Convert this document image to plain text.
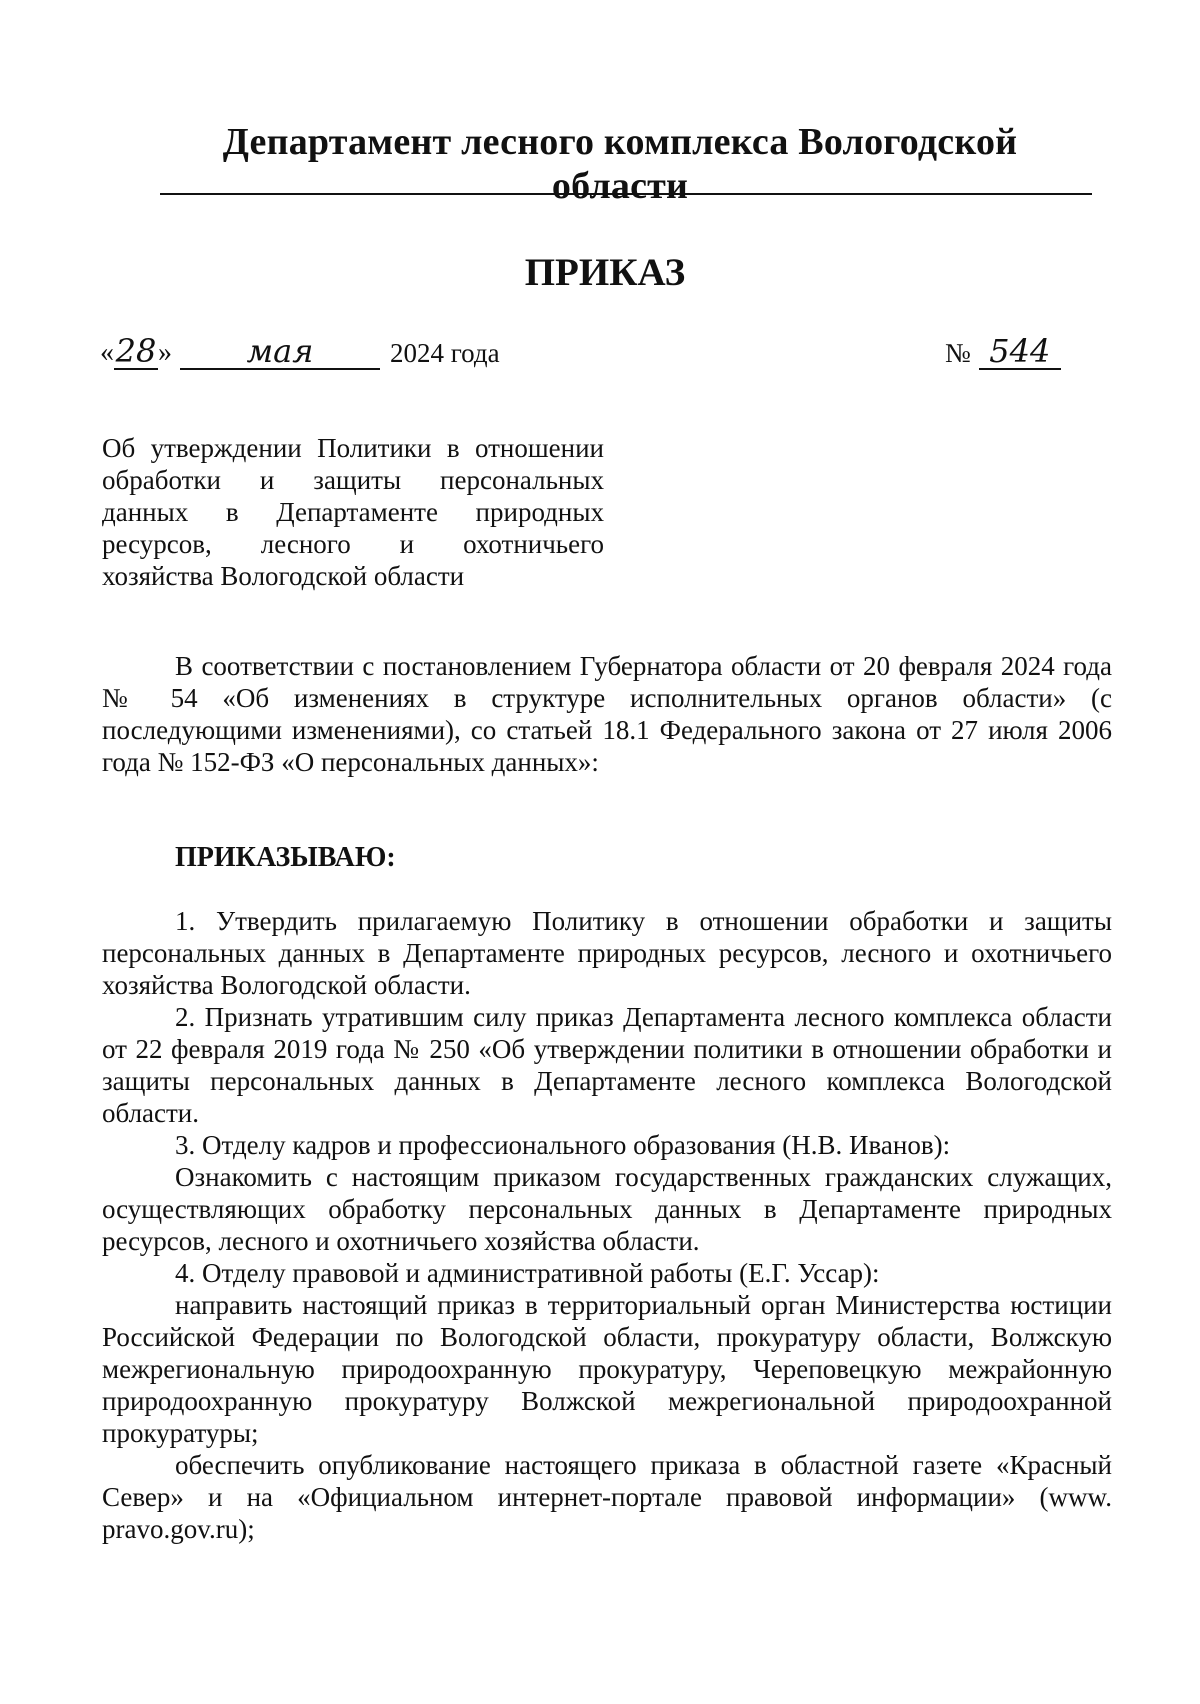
Департамент лесного комплекса Вологодской области
ПРИКАЗ
« 28 »	мая	2024 года	№ 544

Об утверждении Политики в отношении

обработки и защиты персональных

данных в Департаменте природных

ресурсов, лесного и охотничьего

хозяйства Вологодской области

В соответствии с постановлением Губернатора области от 20 февраля 2024 года № 54 «Об изменениях в структуре исполнительных органов области» (с последующими изменениями), со статьей 18.1 Федерального закона от 27 июля 2006 года № 152-ФЗ «О персональных данных»:
ПРИКАЗЫВАЮ:

1. Утвердить прилагаемую Политику в отношении обработки и защиты персональных данных в Департаменте природных ресурсов, лесного и охотничьего хозяйства Вологодской области.

2. Признать утратившим силу приказ Департамента лесного комплекса области от 22 февраля 2019 года № 250 «Об утверждении политики в отношении обработки и защиты персональных данных в Департаменте лесного комплекса Вологодской области.

3. Отделу кадров и профессионального образования (Н.В. Иванов):

Ознакомить с настоящим приказом государственных гражданских служащих, осуществляющих обработку персональных данных в Департаменте природных ресурсов, лесного и охотничьего хозяйства области.

4. Отделу правовой и административной работы (Е.Г. Уссар):

направить настоящий приказ в территориальный орган Министерства юстиции Российской Федерации по Вологодской области, прокуратуру области, Волжскую межрегиональную природоохранную прокуратуру, Череповецкую межрайонную природоохранную прокуратуру Волжской межрегиональной природоохранной прокуратуры;

обеспечить опубликование настоящего приказа в областной газете «Красный Север» и на «Официальном интернет-портале правовой информации» (www. pravo.gov.ru);
